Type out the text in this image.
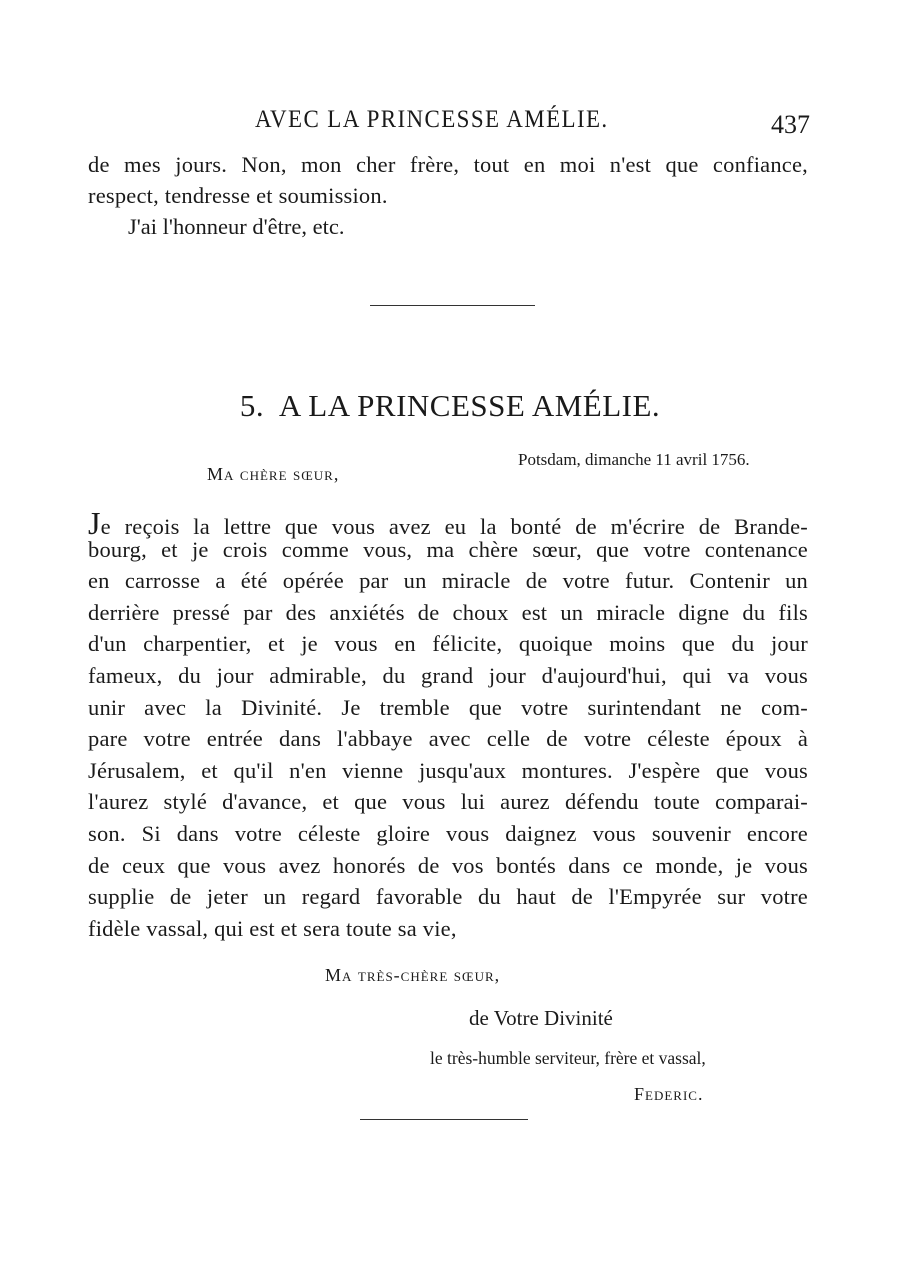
AVEC LA PRINCESSE AMÉLIE.	437
de mes jours. Non, mon cher frère, tout en moi n'est que confiance,
respect, tendresse et soumission.
J'ai l'honneur d'être, etc.
5. A LA PRINCESSE AMÉLIE.
Potsdam, dimanche 11 avril 1756.
Ma chère sœur,
Je reçois la lettre que vous avez eu la bonté de m'écrire de Brande-
bourg, et je crois comme vous, ma chère sœur, que votre contenance
en carrosse a été opérée par un miracle de votre futur. Contenir un
derrière pressé par des anxiétés de choux est un miracle digne du fils
d'un charpentier, et je vous en félicite, quoique moins que du jour
fameux, du jour admirable, du grand jour d'aujourd'hui, qui va vous
unir avec la Divinité. Je tremble que votre surintendant ne com-
pare votre entrée dans l'abbaye avec celle de votre céleste époux à
Jérusalem, et qu'il n'en vienne jusqu'aux montures. J'espère que vous
l'aurez stylé d'avance, et que vous lui aurez défendu toute comparai-
son. Si dans votre céleste gloire vous daignez vous souvenir encore
de ceux que vous avez honorés de vos bontés dans ce monde, je vous
supplie de jeter un regard favorable du haut de l'Empyrée sur votre
fidèle vassal, qui est et sera toute sa vie,
Ma très-chère sœur,
de Votre Divinité
le très-humble serviteur, frère et vassal,
Federic.
